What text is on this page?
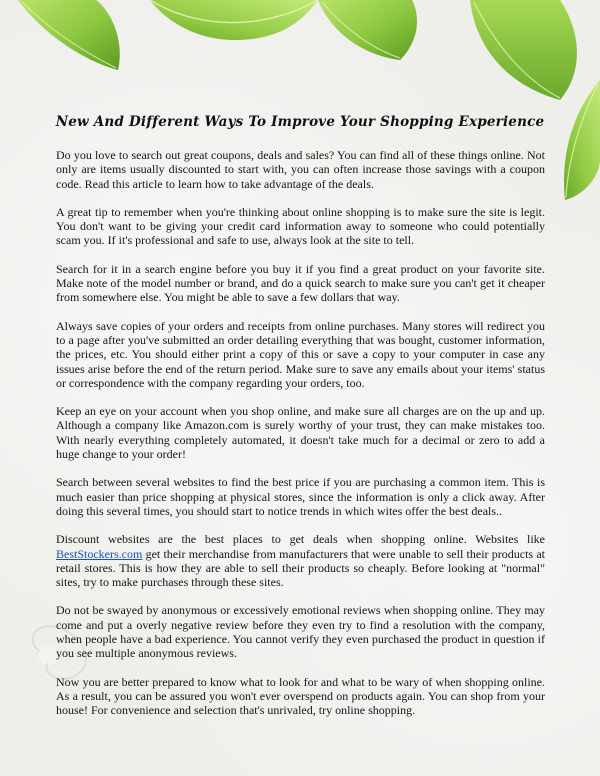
New And Different Ways To Improve Your Shopping Experience

Do you love to search out great coupons, deals and sales? You can find all of these things online. Not only are items usually discounted to start with, you can often increase those savings with a coupon code. Read this article to learn how to take advantage of the deals.

A great tip to remember when you're thinking about online shopping is to make sure the site is legit. You don't want to be giving your credit card information away to someone who could potentially scam you. If it's professional and safe to use, always look at the site to tell.

Search for it in a search engine before you buy it if you find a great product on your favorite site. Make note of the model number or brand, and do a quick search to make sure you can't get it cheaper from somewhere else. You might be able to save a few dollars that way.

Always save copies of your orders and receipts from online purchases. Many stores will redirect you to a page after you've submitted an order detailing everything that was bought, customer information, the prices, etc. You should either print a copy of this or save a copy to your computer in case any issues arise before the end of the return period. Make sure to save any emails about your items' status or correspondence with the company regarding your orders, too.

Keep an eye on your account when you shop online, and make sure all charges are on the up and up. Although a company like Amazon.com is surely worthy of your trust, they can make mistakes too. With nearly everything completely automated, it doesn't take much for a decimal or zero to add a huge change to your order!

Search between several websites to find the best price if you are purchasing a common item. This is much easier than price shopping at physical stores, since the information is only a click away. After doing this several times, you should start to notice trends in which wites offer the best deals..

Discount websites are the best places to get deals when shopping online. Websites like BestStockers.com get their merchandise from manufacturers that were unable to sell their products at retail stores. This is how they are able to sell their products so cheaply. Before looking at "normal" sites, try to make purchases through these sites.

Do not be swayed by anonymous or excessively emotional reviews when shopping online. They may come and put a overly negative review before they even try to find a resolution with the company, when people have a bad experience. You cannot verify they even purchased the product in question if you see multiple anonymous reviews.

Now you are better prepared to know what to look for and what to be wary of when shopping online. As a result, you can be assured you won't ever overspend on products again. You can shop from your house! For convenience and selection that's unrivaled, try online shopping.
